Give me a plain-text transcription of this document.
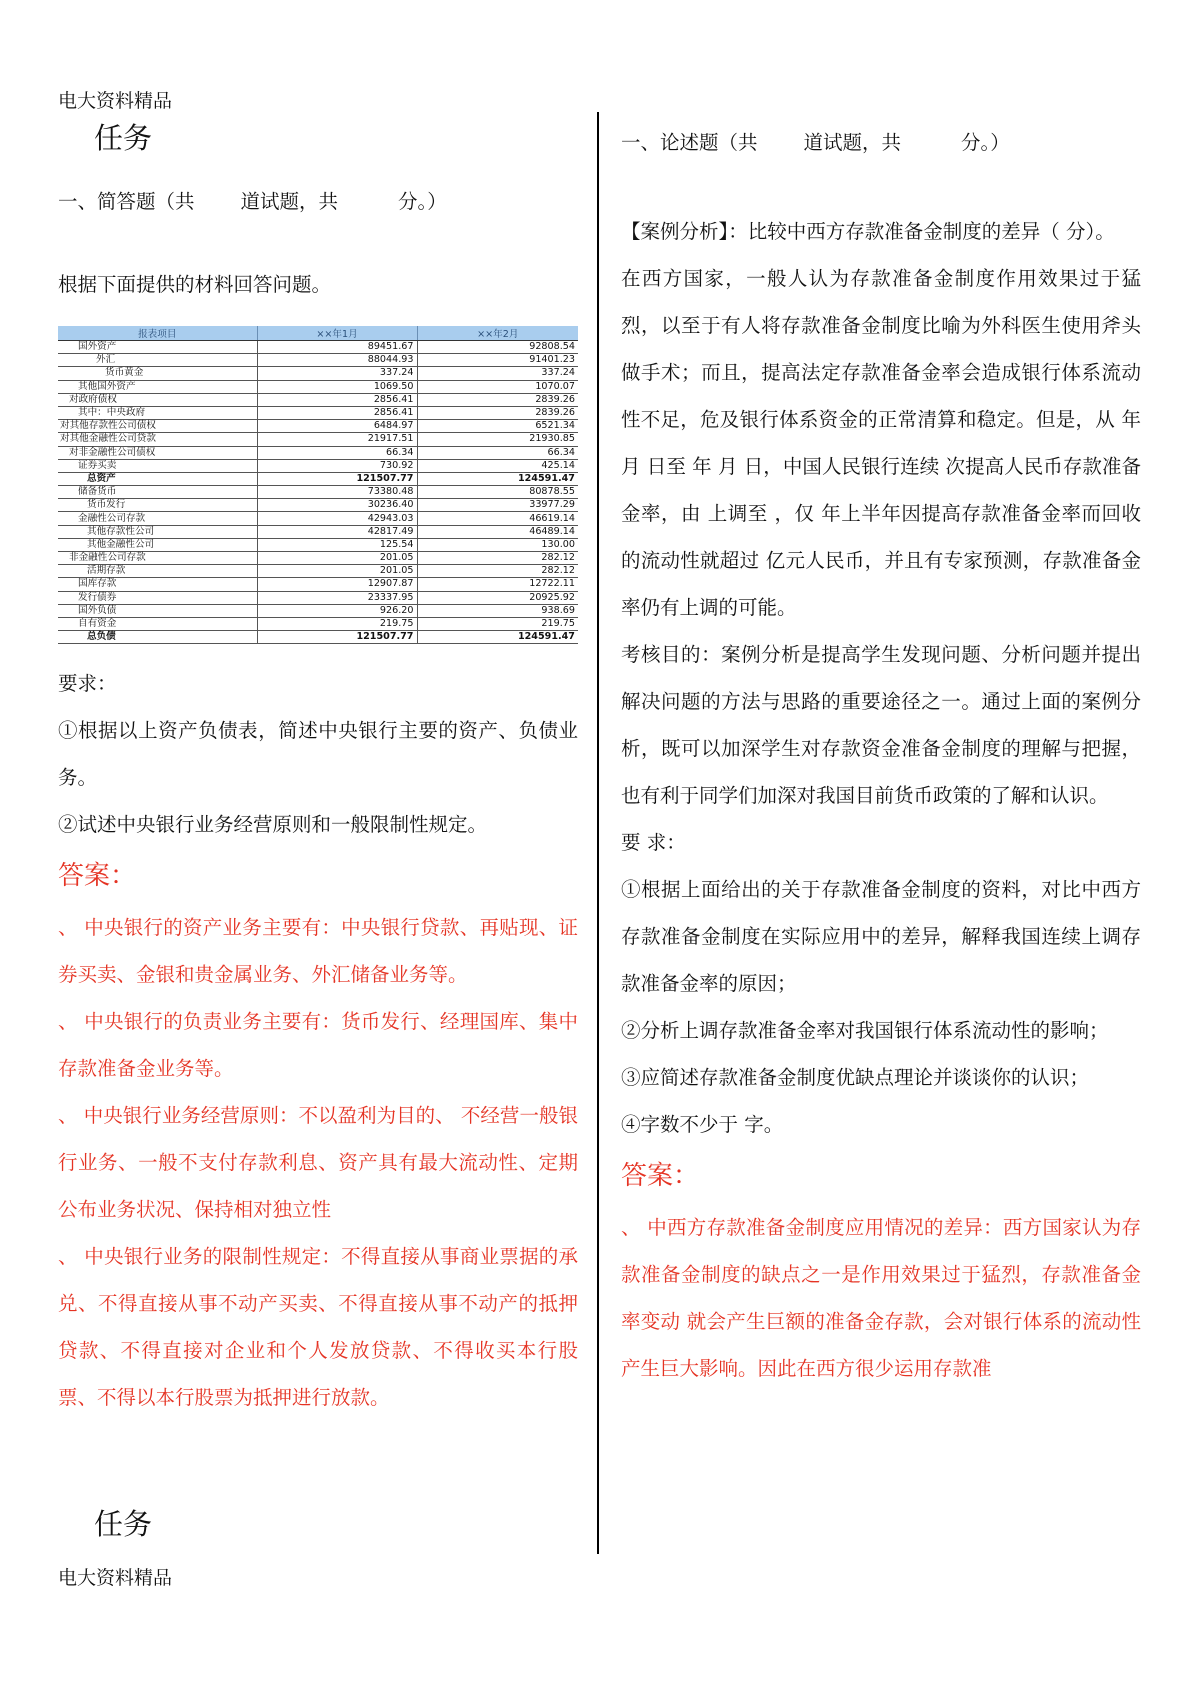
电大资料精品
任务

一、简答题（共 道试题，共	分。）

根据下面提供的材料回答问题。

报表项目	××年1月	××年2月
国外资产	89451.67	92808.54
外汇	88044.93	91401.23
货币黄金	337.24	337.24
其他国外资产	1069.50	1070.07
对政府债权	2856.41	2839.26
其中：中央政府	2856.41	2839.26
对其他存款性公司债权	6484.97	6521.34
对其他金融性公司贷款	21917.51	21930.85
对非金融性公司债权	66.34	66.34
证券买卖	730.92	425.14
总资产	121507.77	124591.47
储备货币	73380.48	80878.55
货币发行	30236.40	33977.29
金融性公司存款	42943.03	46619.14
其他存款性公司	42817.49	46489.14
其他金融性公司	125.54	130.00
非金融性公司存款	201.05	282.12
活期存款	201.05	282.12
国库存款	12907.87	12722.11
发行债券	23337.95	20925.92
国外负债	926.20	938.69
自有资金	219.75	219.75
总负债	121507.77	124591.47

要求：

①根据以上资产负债表，简述中央银行主要的资产、负债业务。

②试述中央银行业务经营原则和一般限制性规定。

答案：

、 中央银行的资产业务主要有：中央银行贷款、再贴现、证券买卖、金银和贵金属业务、外汇储备业务等。

、 中央银行的负责业务主要有：货币发行、经理国库、集中存款准备金业务等。

、 中央银行业务经营原则：不以盈利为目的、 不经营一般银行业务、一般不支付存款利息、资产具有最大流动性、定期公布业务状况、保持相对独立性

、 中央银行业务的限制性规定：不得直接从事商业票据的承兑、不得直接从事不动产买卖、不得直接从事不动产的抵押贷款、不得直接对企业和个人发放贷款、不得收买本行股票、不得以本行股票为抵押进行放款。

任务

一、论述题（共 道试题，共	分。）

【案例分析】：比较中西方存款准备金制度的差异（ 分）。

在西方国家，一般人认为存款准备金制度作用效果过于猛烈，以至于有人将存款准备金制度比喻为外科医生使用斧头做手术；而且，提高法定存款准备金率会造成银行体系流动性不足，危及银行体系资金的正常清算和稳定。但是，从 年 月 日至 年 月 日，中国人民银行连续 次提高人民币存款准备金率，由 上调至 ，仅 年上半年因提高存款准备金率而回收的流动性就超过 亿元人民币，并且有专家预测，存款准备金率仍有上调的可能。

考核目的：案例分析是提高学生发现问题、分析问题并提出解决问题的方法与思路的重要途径之一。通过上面的案例分析，既可以加深学生对存款资金准备金制度的理解与把握，也有利于同学们加深对我国目前货币政策的了解和认识。

要 求：

①根据上面给出的关于存款准备金制度的资料，对比中西方存款准备金制度在实际应用中的差异，解释我国连续上调存款准备金率的原因；

②分析上调存款准备金率对我国银行体系流动性的影响；

③应简述存款准备金制度优缺点理论并谈谈你的认识；

④字数不少于 字。

答案：

、 中西方存款准备金制度应用情况的差异：西方国家认为存款准备金制度的缺点之一是作用效果过于猛烈，存款准备金率变动 就会产生巨额的准备金存款，会对银行体系的流动性产生巨大影响。因此在西方很少运用存款准

电大资料精品
